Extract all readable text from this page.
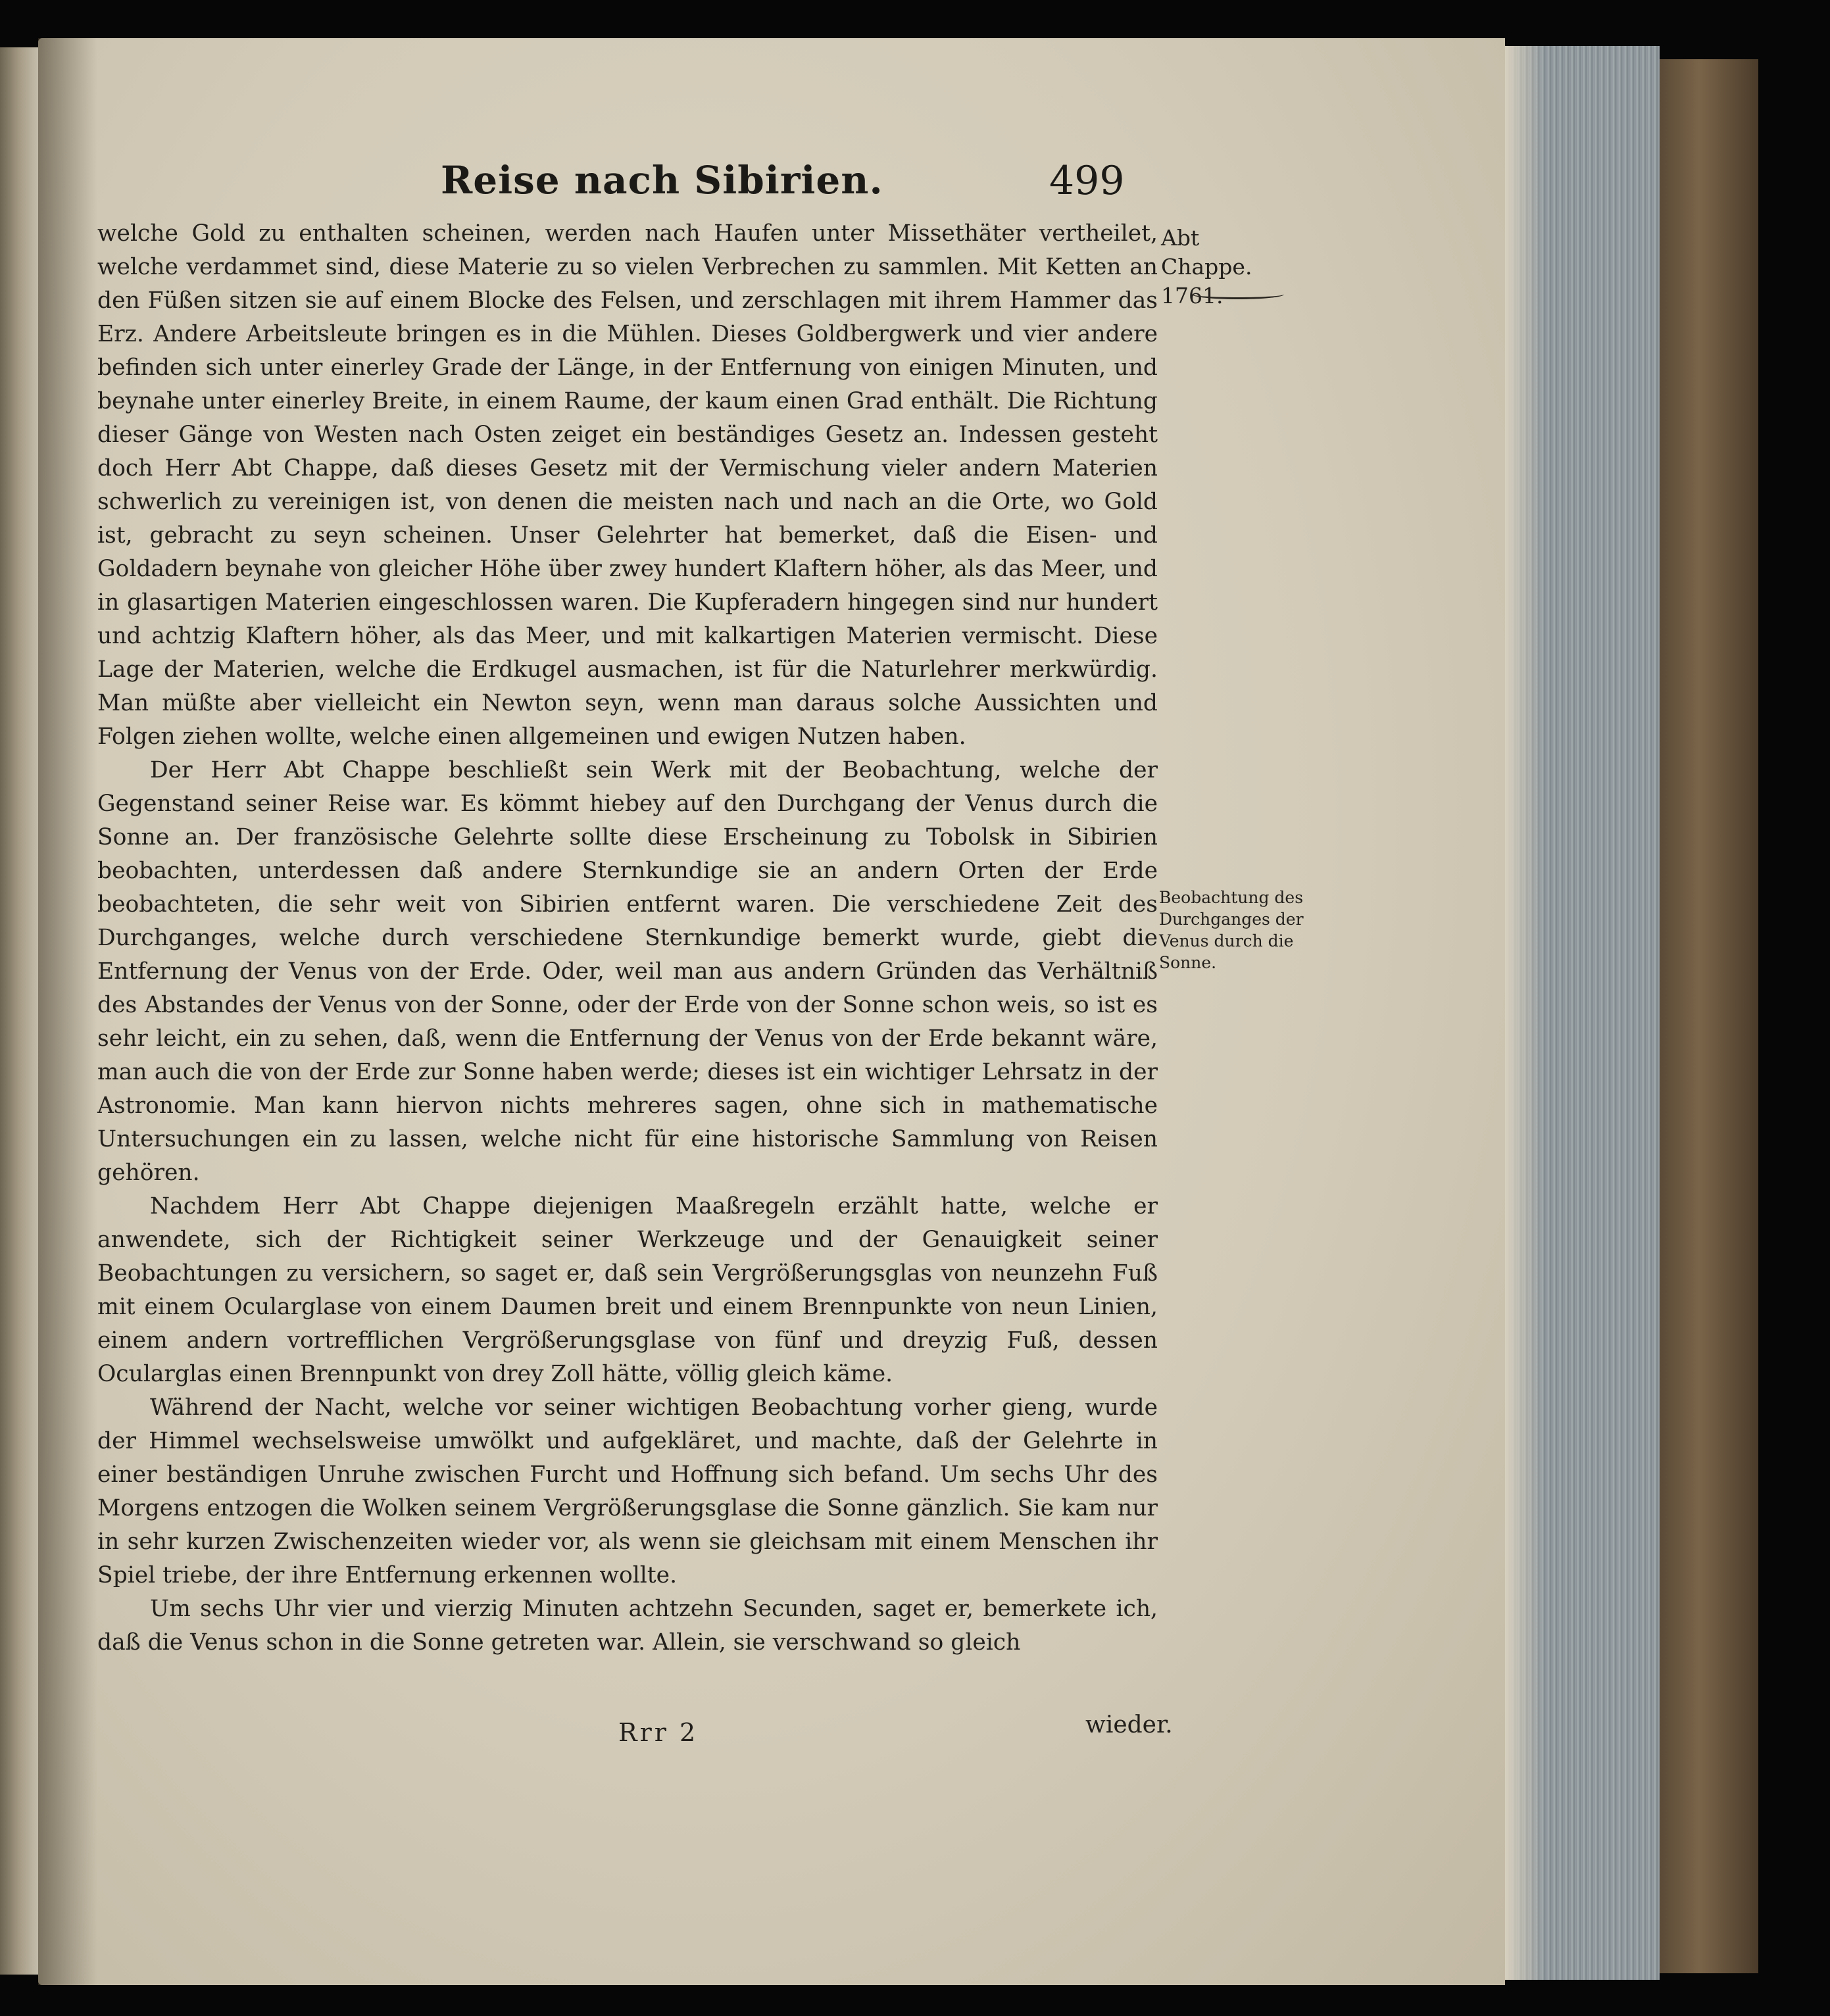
Reise nach Sibirien.	499

welche Gold zu enthalten scheinen, werden nach Haufen unter Missethäter vertheilet, welche verdammet sind, diese Materie zu so vielen Verbrechen zu sammlen. Mit Ketten an den Füßen sitzen sie auf einem Blocke des Felsen, und zerschlagen mit ihrem Hammer das Erz. Andere Arbeitsleute bringen es in die Mühlen. Dieses Goldbergwerk und vier andere befinden sich unter einerley Grade der Länge, in der Entfernung von einigen Minuten, und beynahe unter einerley Breite, in einem Raume, der kaum einen Grad enthält. Die Richtung dieser Gänge von Westen nach Osten zeiget ein beständiges Gesetz an. Indessen gesteht doch Herr Abt Chappe, daß dieses Gesetz mit der Vermischung vieler andern Materien schwerlich zu vereinigen ist, von denen die meisten nach und nach an die Orte, wo Gold ist, gebracht zu seyn scheinen. Unser Gelehrter hat bemerket, daß die Eisen- und Goldadern beynahe von gleicher Höhe über zwey hundert Klaftern höher, als das Meer, und in glasartigen Materien eingeschlossen waren. Die Kupferadern hingegen sind nur hundert und achtzig Klaftern höher, als das Meer, und mit kalkartigen Materien vermischt. Diese Lage der Materien, welche die Erdkugel ausmachen, ist für die Naturlehrer merkwürdig. Man müßte aber vielleicht ein Newton seyn, wenn man daraus solche Aussichten und Folgen ziehen wollte, welche einen allgemeinen und ewigen Nutzen haben.

Der Herr Abt Chappe beschließt sein Werk mit der Beobachtung, welche der Gegenstand seiner Reise war. Es kömmt hiebey auf den Durchgang der Venus durch die Sonne an. Der französische Gelehrte sollte diese Erscheinung zu Tobolsk in Sibirien beobachten, unterdessen daß andere Sternkundige sie an andern Orten der Erde beobachteten, die sehr weit von Sibirien entfernt waren. Die verschiedene Zeit des Durchganges, welche durch verschiedene Sternkundige bemerkt wurde, giebt die Entfernung der Venus von der Erde. Oder, weil man aus andern Gründen das Verhältniß des Abstandes der Venus von der Sonne, oder der Erde von der Sonne schon weis, so ist es sehr leicht, ein zu sehen, daß, wenn die Entfernung der Venus von der Erde bekannt wäre, man auch die von der Erde zur Sonne haben werde; dieses ist ein wichtiger Lehrsatz in der Astronomie. Man kann hiervon nichts mehreres sagen, ohne sich in mathematische Untersuchungen ein zu lassen, welche nicht für eine historische Sammlung von Reisen gehören.

Nachdem Herr Abt Chappe diejenigen Maaßregeln erzählt hatte, welche er anwendete, sich der Richtigkeit seiner Werkzeuge und der Genauigkeit seiner Beobachtungen zu versichern, so saget er, daß sein Vergrößerungsglas von neunzehn Fuß mit einem Ocularglase von einem Daumen breit und einem Brennpunkte von neun Linien, einem andern vortrefflichen Vergrößerungsglase von fünf und dreyzig Fuß, dessen Ocularglas einen Brennpunkt von drey Zoll hätte, völlig gleich käme.

Während der Nacht, welche vor seiner wichtigen Beobachtung vorher gieng, wurde der Himmel wechselsweise umwölkt und aufgekläret, und machte, daß der Gelehrte in einer beständigen Unruhe zwischen Furcht und Hoffnung sich befand. Um sechs Uhr des Morgens entzogen die Wolken seinem Vergrößerungsglase die Sonne gänzlich. Sie kam nur in sehr kurzen Zwischenzeiten wieder vor, als wenn sie gleichsam mit einem Menschen ihr Spiel triebe, der ihre Entfernung erkennen wollte.

Um sechs Uhr vier und vierzig Minuten achtzehn Secunden, saget er, bemerkete ich, daß die Venus schon in die Sonne getreten war. Allein, sie verschwand so gleich

Abt Chappe. 1761.
Beobachtung des Durchganges der Venus durch die Sonne.
Rrr 2	wieder.
